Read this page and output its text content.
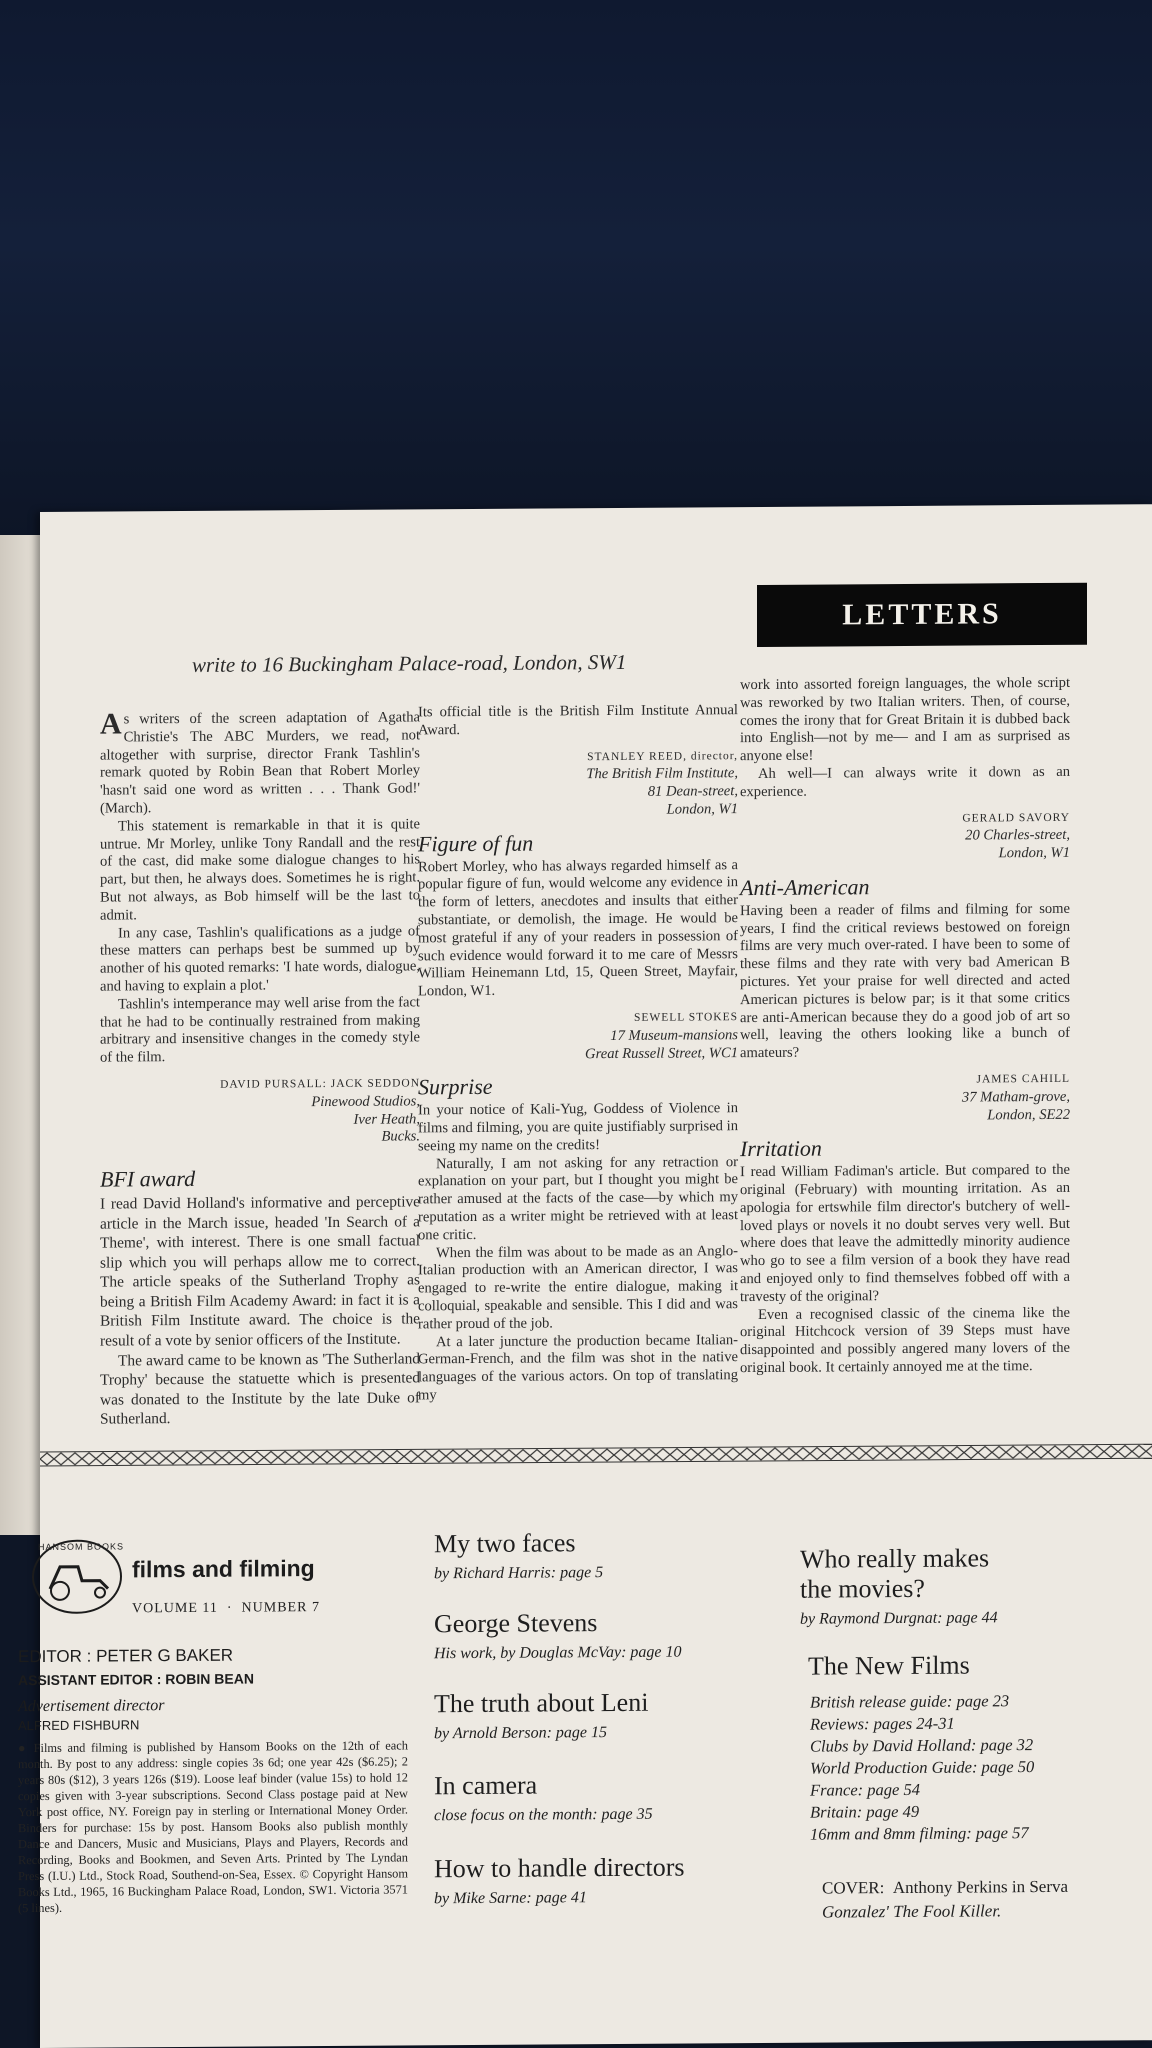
LETTERS
write to 16 Buckingham Palace-road, London, SW1

As writers of the screen adaptation of Agatha Christie's The ABC Murders, we read, not altogether with surprise, director Frank Tashlin's remark quoted by Robin Bean that Robert Morley 'hasn't said one word as written . . . Thank God!' (March).

This statement is remarkable in that it is quite untrue. Mr Morley, unlike Tony Randall and the rest of the cast, did make some dialogue changes to his part, but then, he always does. Sometimes he is right. But not always, as Bob himself will be the last to admit.

In any case, Tashlin's qualifications as a judge of these matters can perhaps best be summed up by another of his quoted remarks: 'I hate words, dialogue, and having to explain a plot.'

Tashlin's intemperance may well arise from the fact that he had to be continually restrained from making arbitrary and insensitive changes in the comedy style of the film.

DAVID PURSALL: JACK SEDDON
Pinewood Studios,
Iver Heath,
Bucks.
BFI award

I read David Holland's informative and perceptive article in the March issue, headed 'In Search of a Theme', with interest. There is one small factual slip which you will perhaps allow me to correct. The article speaks of the Sutherland Trophy as being a British Film Academy Award: in fact it is a British Film Institute award. The choice is the result of a vote by senior officers of the Institute.

The award came to be known as 'The Sutherland Trophy' because the statuette which is presented was donated to the Institute by the late Duke of Sutherland.

Its official title is the British Film Institute Annual Award.

STANLEY REED, director,
The British Film Institute,
81 Dean-street,
London, W1
Figure of fun

Robert Morley, who has always regarded himself as a popular figure of fun, would welcome any evidence in the form of letters, anecdotes and insults that either substantiate, or demolish, the image. He would be most grateful if any of your readers in possession of such evidence would forward it to me care of Messrs William Heinemann Ltd, 15, Queen Street, Mayfair, London, W1.

SEWELL STOKES
17 Museum-mansions
Great Russell Street, WC1
Surprise

In your notice of Kali-Yug, Goddess of Violence in films and filming, you are quite justifiably surprised in seeing my name on the credits!

Naturally, I am not asking for any retraction or explanation on your part, but I thought you might be rather amused at the facts of the case—by which my reputation as a writer might be retrieved with at least one critic.

When the film was about to be made as an Anglo-Italian production with an American director, I was engaged to re-write the entire dialogue, making it colloquial, speakable and sensible. This I did and was rather proud of the job.

At a later juncture the production became Italian-German-French, and the film was shot in the native languages of the various actors. On top of translating my

work into assorted foreign languages, the whole script was reworked by two Italian writers. Then, of course, comes the irony that for Great Britain it is dubbed back into English—not by me— and I am as surprised as anyone else!

Ah well—I can always write it down as an experience.

GERALD SAVORY
20 Charles-street,
London, W1
Anti-American

Having been a reader of films and filming for some years, I find the critical reviews bestowed on foreign films are very much over-rated. I have been to some of these films and they rate with very bad American B pictures. Yet your praise for well directed and acted American pictures is below par; is it that some critics are anti-American because they do a good job of art so well, leaving the others looking like a bunch of amateurs?

JAMES CAHILL
37 Matham-grove,
London, SE22
Irritation

I read William Fadiman's article. But compared to the original (February) with mounting irritation. As an apologia for ertswhile film director's butchery of well-loved plays or novels it no doubt serves very well. But where does that leave the admittedly minority audience who go to see a film version of a book they have read and enjoyed only to find themselves fobbed off with a travesty of the original?

Even a recognised classic of the cinema like the original Hitchcock version of 39 Steps must have disappointed and possibly angered many lovers of the original book. It certainly annoyed me at the time.

HANSOM BOOKS
films and filming
VOLUME 11  ·  NUMBER 7
EDITOR : PETER G BAKER
ASSISTANT EDITOR : ROBIN BEAN
Advertisement director
ALFRED FISHBURN
● Films and filming is published by Hansom Books on the 12th of each month. By post to any address: single copies 3s 6d; one year 42s ($6.25); 2 years 80s ($12), 3 years 126s ($19). Loose leaf binder (value 15s) to hold 12 copies given with 3-year subscriptions. Second Class postage paid at New York post office, NY. Foreign pay in sterling or International Money Order. Binders for purchase: 15s by post. Hansom Books also publish monthly Dance and Dancers, Music and Musicians, Plays and Players, Records and Recording, Books and Bookmen, and Seven Arts. Printed by The Lyndan Press (I.U.) Ltd., Stock Road, Southend-on-Sea, Essex. © Copyright Hansom Books Ltd., 1965, 16 Buckingham Palace Road, London, SW1. Victoria 3571 (5 lines).
My two faces
by Richard Harris: page 5
George Stevens
His work, by Douglas McVay: page 10
The truth about Leni
by Arnold Berson: page 15
In camera
close focus on the month: page 35
How to handle directors
by Mike Sarne: page 41
Who really makes
the movies?
by Raymond Durgnat: page 44
The New Films
British release guide: page 23
Reviews: pages 24-31
Clubs by David Holland: page 32
World Production Guide: page 50
France: page 54
Britain: page 49
16mm and 8mm filming: page 57
COVER: Anthony Perkins in Serva
Gonzalez' The Fool Killer.
